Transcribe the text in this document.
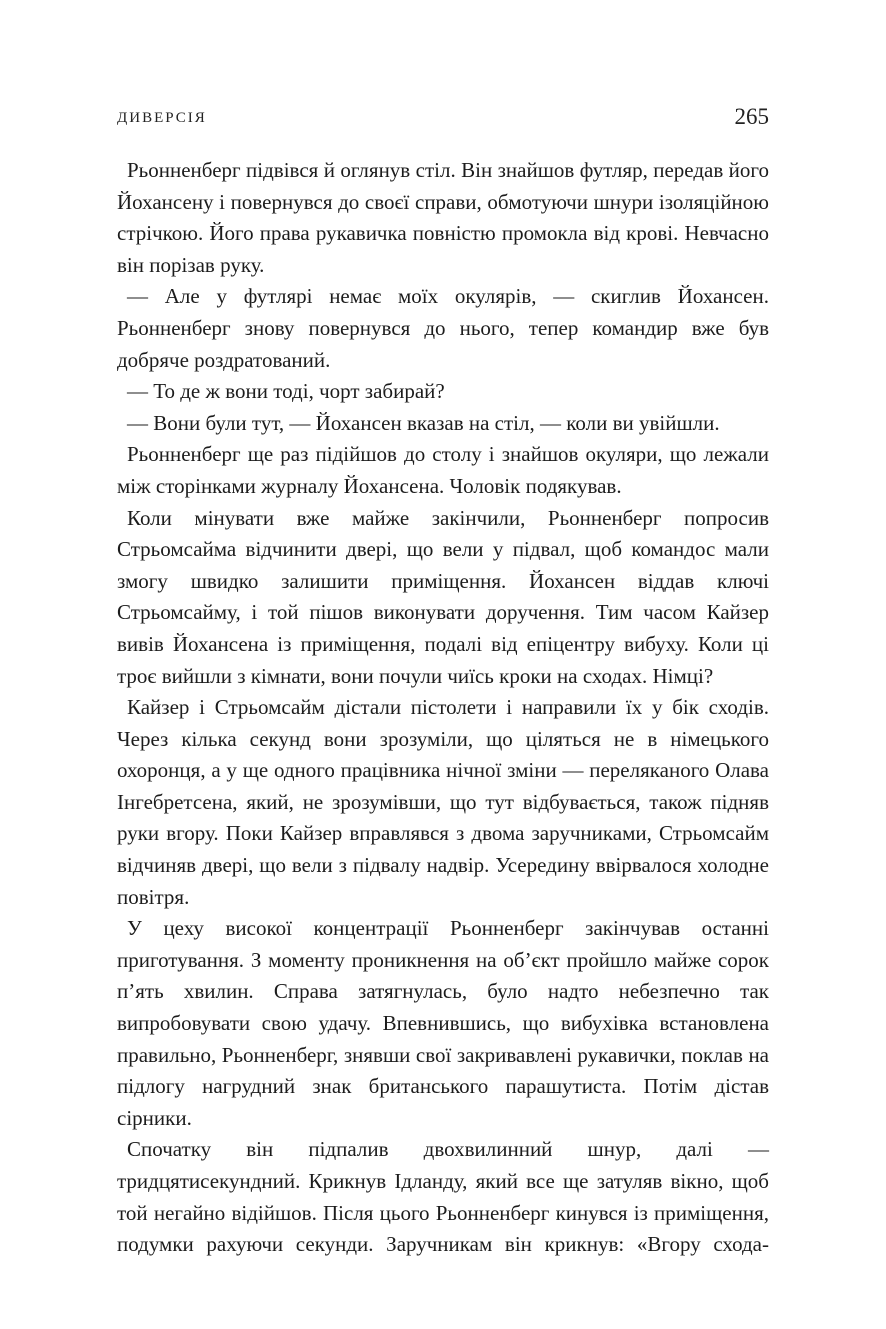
ДИВЕРСІЯ	265

Рьонненберг підвівся й оглянув стіл. Він знайшов футляр, передав його Йохансену і повернувся до своєї справи, обмотуючи шнури ізоляційною стрічкою. Його права рукавичка повністю промокла від крові. Невчасно він порізав руку.

— Але у футлярі немає моїх окулярів, — скиглив Йохансен. Рьонненберг знову повернувся до нього, тепер командир вже був добряче роздратований.

— То де ж вони тоді, чорт забирай?

— Вони були тут, — Йохансен вказав на стіл, — коли ви увійшли.

Рьонненберг ще раз підійшов до столу і знайшов окуляри, що лежали між сторінками журналу Йохансена. Чоловік подякував.

Коли мінувати вже майже закінчили, Рьонненберг попросив Стрьомсайма відчинити двері, що вели у підвал, щоб командос мали змогу швидко залишити приміщення. Йохансен віддав ключі Стрьомсайму, і той пішов виконувати доручення. Тим часом Кайзер вивів Йохансена із приміщення, подалі від епіцентру вибуху. Коли ці троє вийшли з кімнати, вони почули чиїсь кроки на сходах. Німці?

Кайзер і Стрьомсайм дістали пістолети і направили їх у бік сходів. Через кілька секунд вони зрозуміли, що цiляться не в німецького охоронця, а у ще одного працівника нічної зміни — переляканого Олава Інгебретсена, який, не зрозумівши, що тут відбувається, також підняв руки вгору. Поки Кайзер вправлявся з двома заручниками, Стрьомсайм відчиняв двері, що вели з підвалу надвір. Усередину ввірвалося холодне повітря.

У цеху високої концентрації Рьонненберг закінчував останні приготування. З моменту проникнення на об’єкт пройшло майже сорок п’ять хвилин. Справа затягнулась, було надто небезпечно так випробовувати свою удачу. Впевнившись, що вибухівка встановлена правильно, Рьонненберг, знявши свої закривавлені рукавички, поклав на підлогу нагрудний знак британського парашутиста. Потім дістав сірники.

Спочатку він підпалив двохвилинний шнур, далі — тридцятисекундний. Крикнув Ідланду, який все ще затуляв вікно, щоб той негайно відійшов. Після цього Рьонненберг кинувся із приміщення, подумки рахуючи секунди. Заручникам він крикнув: «Вгору схода-
